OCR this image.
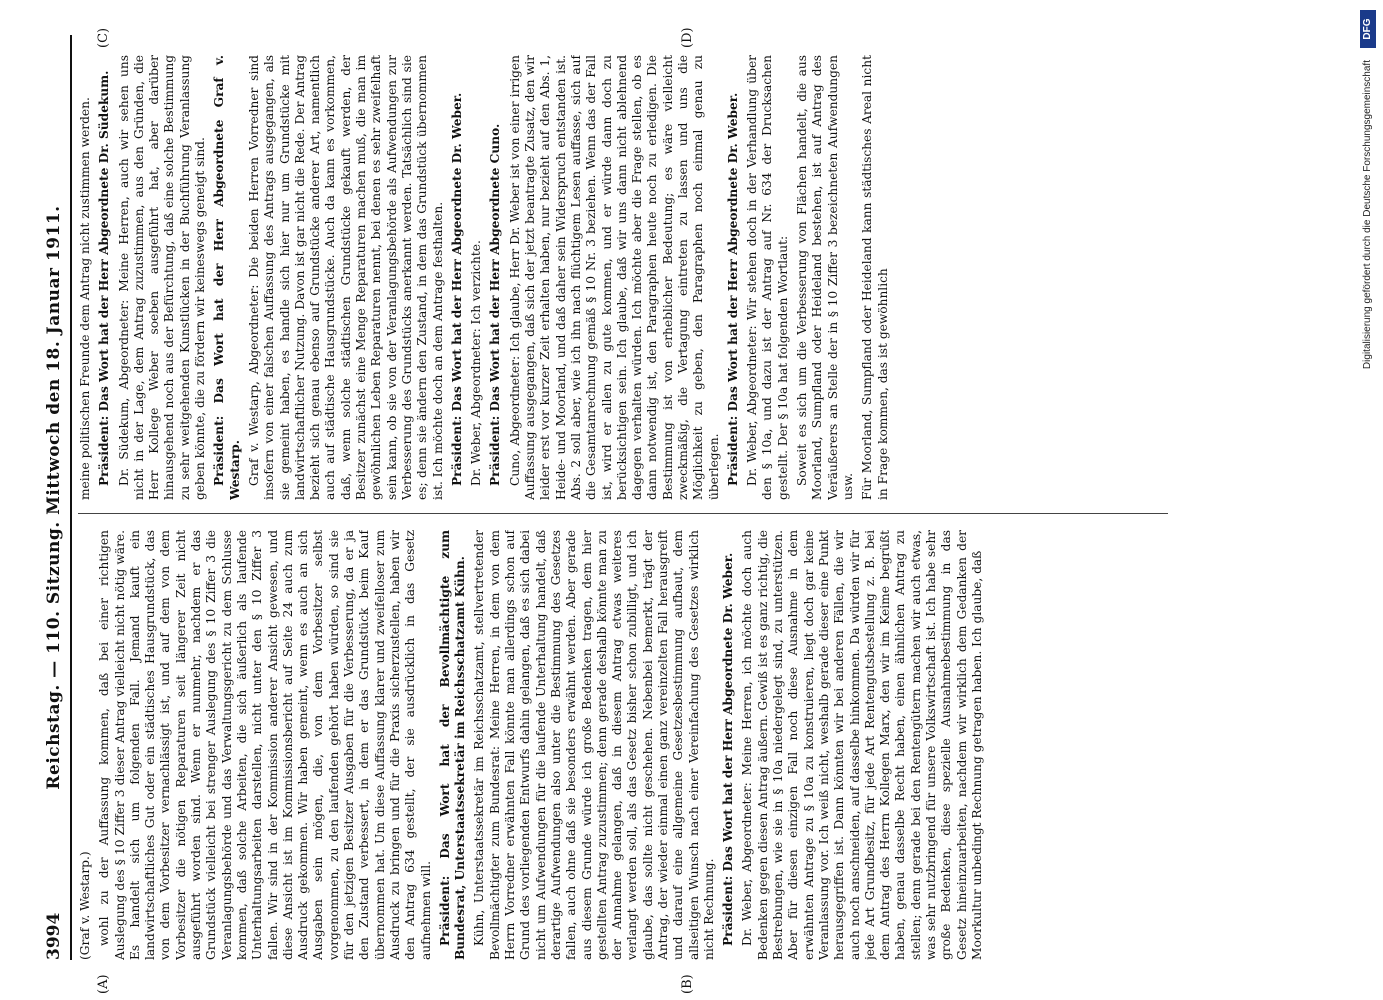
3994
Reichstag. — 110. Sitzung. Mittwoch den 18. Januar 1911.
(A)	(B)
(C)	(D)

(Graf v. Westarp.) wohl zu der Auffassung kommen, daß bei einer richtigen Auslegung des § 10 Ziffer 3 dieser Antrag vielleicht nicht nötig wäre. Es handelt sich um folgenden Fall. Jemand kauft ein landwirtschaftliches Gut oder ein städtisches Hausgrundstück, das von dem Vorbesitzer vernachlässigt ist, und auf dem von dem Vorbesitzer die nötigen Reparaturen seit längerer Zeit nicht ausgeführt worden sind. Wenn er nunmehr, nachdem er das Grundstück vielleicht bei strenger Auslegung des § 10 Ziffer 3 die Veranlagungsbehörde und das Verwaltungsgericht zu dem Schlusse kommen, daß solche Arbeiten, die sich äußerlich als laufende Unterhaltungsarbeiten darstellen, nicht unter den § 10 Ziffer 3 fallen. Wir sind in der Kommission anderer Ansicht gewesen, und diese Ansicht ist im Kommissionsbericht auf Seite 24 auch zum Ausdruck gekommen. Wir haben gemeint, wenn es auch an sich Ausgaben sein mögen, die, von dem Vorbesitzer selbst vorgenommen, zu den laufenden gehört haben würden, so sind sie für den jetzigen Besitzer Ausgaben für die Verbesserung, da er ja den Zustand verbessert, in dem er das Grundstück beim Kauf übernommen hat. Um diese Auffassung klarer und zweifelloser zum Ausdruck zu bringen und für die Praxis sicherzustellen, haben wir den Antrag 634 gestellt, der sie ausdrücklich in das Gesetz aufnehmen will. Präsident: Das Wort hat der Bevollmächtigte zum Bundesrat, Unterstaatssekretär im Reichsschatzamt Kühn. Kühn, Unterstaatssekretär im Reichsschatzamt, stellvertretender Bevollmächtigter zum Bundesrat: Meine Herren, in dem von dem Herrn Vorredner erwähnten Fall könnte man allerdings schon auf Grund des vorliegenden Entwurfs dahin gelangen, daß es sich dabei nicht um Aufwendungen für die laufende Unterhaltung handelt, daß derartige Aufwendungen also unter die Bestimmung des Gesetzes fallen, auch ohne daß sie besonders erwähnt werden. Aber gerade aus diesem Grunde würde ich große Bedenken tragen, dem hier gestellten Antrag zuzustimmen; denn gerade deshalb könnte man zu der Annahme gelangen, daß in diesem Antrag etwas weiteres verlangt werden soll, als das Gesetz bisher schon zubilligt, und ich glaube, das sollte nicht geschehen. Nebenbei bemerkt, trägt der Antrag, der wieder einmal einen ganz vereinzelten Fall herausgreift und darauf eine allgemeine Gesetzesbestimmung aufbaut, dem allseitigen Wunsch nach einer Vereinfachung des Gesetzes wirklich nicht Rechnung. Präsident: Das Wort hat der Herr Abgeordnete Dr. Weber. Dr. Weber, Abgeordneter: Meine Herren, ich möchte doch auch Bedenken gegen diesen Antrag äußern. Gewiß ist es ganz richtig, die Bestrebungen, wie sie in § 10a niedergelegt sind, zu unterstützen. Aber für diesen einzigen Fall noch diese Ausnahme in dem erwähnten Antrage zu § 10a zu konstruieren, liegt doch gar keine Veranlassung vor. Ich weiß nicht, weshalb gerade dieser eine Punkt herausgegriffen ist. Dann könnten wir bei anderen Fällen, die wir auch noch anschneiden, auf dasselbe hinkommen. Da würden wir für jede Art Grundbesitz, für jede Art Rentengutsbestellung z. B. bei dem Antrag des Herrn Kollegen Marx, den wir im Keime begrüßt haben, genau dasselbe Recht haben, einen ähnlichen Antrag zu stellen; denn gerade bei den Rentengütern machen wir auch etwas, was sehr nutzbringend für unsere Volkswirtschaft ist. Ich habe sehr große Bedenken, diese spezielle Ausnahmebestimmung in das Gesetz hineinzuarbeiten, nachdem wir wirklich dem Gedanken der Moorkultur unbedingt Rechnung getragen haben. Ich glaube, daß

meine politischen Freunde dem Antrag nicht zustimmen werden. Präsident: Das Wort hat der Herr Abgeordnete Dr. Südekum. Dr. Südekum, Abgeordneter: Meine Herren, auch wir sehen uns nicht in der Lage, dem Antrag zuzustimmen, aus den Gründen, die Herr Kollege Weber soeben ausgeführt hat, aber darüber hinausgehend noch aus der Befürchtung, daß eine solche Bestimmung zu sehr weitgehenden Kunstlücken in der Buchführung Veranlassung geben könnte, die zu fördern wir keineswegs geneigt sind. Präsident: Das Wort hat der Herr Abgeordnete Graf v. Westarp. Graf v. Westarp, Abgeordneter: Die beiden Herren Vorredner sind insofern von einer falschen Auffassung des Antrags ausgegangen, als sie gemeint haben, es handle sich hier nur um Grundstücke mit landwirtschaftlicher Nutzung. Davon ist gar nicht die Rede. Der Antrag bezieht sich genau ebenso auf Grundstücke anderer Art, namentlich auch auf städtische Hausgrundstücke. Auch da kann es vorkommen, daß, wenn solche städtischen Grundstücke gekauft werden, der Besitzer zunächst eine Menge Reparaturen machen muß, die man im gewöhnlichen Leben Reparaturen nennt, bei denen es sehr zweifelhaft sein kann, ob sie von der Veranlagungsbehörde als Aufwendungen zur Verbesserung des Grundstücks anerkannt werden. Tatsächlich sind sie es; denn sie ändern den Zustand, in dem das Grundstück übernommen ist. Ich möchte doch an dem Antrage festhalten. Präsident: Das Wort hat der Herr Abgeordnete Dr. Weber. Dr. Weber, Abgeordneter: Ich verzichte. Präsident: Das Wort hat der Herr Abgeordnete Cuno. Cuno, Abgeordneter: Ich glaube, Herr Dr. Weber ist von einer irrigen Auffassung ausgegangen, daß sich der jetzt beantragte Zusatz, den wir leider erst vor kurzer Zeit erhalten haben, nur bezieht auf den Abs. 1, Heide- und Moorland, und daß daher sein Widerspruch entstanden ist. Abs. 2 soll aber, wie ich ihn nach flüchtigem Lesen auffasse, sich auf die Gesamtanrechnung gemäß § 10 Nr. 3 beziehen. Wenn das der Fall ist, wird er allen zu gute kommen, und er würde dann doch zu berücksichtigen sein. Ich glaube, daß wir uns dann nicht ablehnend dagegen verhalten würden. Ich möchte aber die Frage stellen, ob es dann notwendig ist, den Paragraphen heute noch zu erledigen. Die Bestimmung ist von erheblicher Bedeutung; es wäre vielleicht zweckmäßig, die Vertagung eintreten zu lassen und uns die Möglichkeit zu geben, den Paragraphen noch einmal genau zu überlegen. Präsident: Das Wort hat der Herr Abgeordnete Dr. Weber. Dr. Weber, Abgeordneter: Wir stehen doch in der Verhandlung über den § 10a, und dazu ist der Antrag auf Nr. 634 der Drucksachen gestellt. Der § 10a hat folgenden Wortlaut: Soweit es sich um die Verbesserung von Flächen handelt, die aus Moorland, Sumpfland oder Heideland bestehen, ist auf Antrag des Veräußerers an Stelle der in § 10 Ziffer 3 bezeichneten Aufwendungen usw. Für Moorland, Sumpfland oder Heideland kann städtisches Areal nicht in Frage kommen, das ist gewöhnlich

Digitalisierung gefördert durch die Deutsche Forschungsgemeinschaft
DFG
